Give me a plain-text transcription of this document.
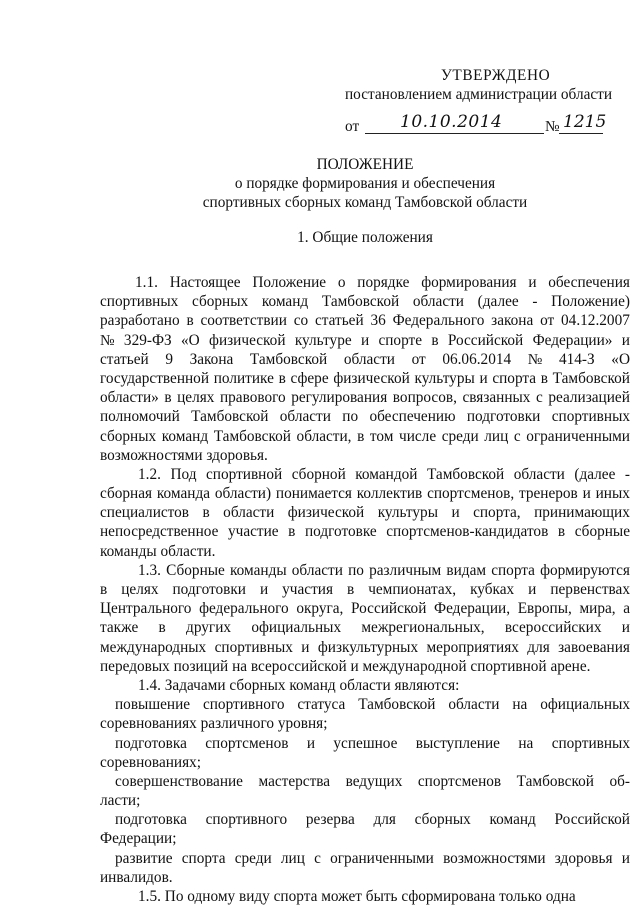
УТВЕРЖДЕНО
постановлением администрации области
от 10.10.2014	№ 1215
ПОЛОЖЕНИЕ
о порядке формирования и обеспечения
спортивных сборных команд Тамбовской области
1. Общие положения
1.1. Настоящее Положение о порядке формирования и обеспечения
спортивных сборных команд Тамбовской области (далее - Положение)
разработано в соответствии со статьей 36 Федерального закона от 04.12.2007
№ 329-ФЗ «О физической культуре и спорте в Российской Федерации» и
статьей 9 Закона Тамбовской области от 06.06.2014 № 414-З «О
государственной политике в сфере физической культуры и спорта в Тамбовской
области» в целях правового регулирования вопросов, связанных с реализацией
полномочий Тамбовской области по обеспечению подготовки спортивных
сборных команд Тамбовской области, в том числе среди лиц с ограниченными
возможностями здоровья.
1.2. Под спортивной сборной командой Тамбовской области (далее -
сборная команда области) понимается коллектив спортсменов, тренеров и иных
специалистов в области физической культуры и спорта, принимающих
непосредственное участие в подготовке спортсменов-кандидатов в сборные
команды области.
1.3. Сборные команды области по различным видам спорта формируются
в целях подготовки и участия в чемпионатах, кубках и первенствах
Центрального федерального округа, Российской Федерации, Европы, мира, а
также в других официальных межрегиональных, всероссийских и
международных спортивных и физкультурных мероприятиях для завоевания
передовых позиций на всероссийской и международной спортивной арене.
1.4. Задачами сборных команд области являются:
повышение спортивного статуса Тамбовской области на официальных
соревнованиях различного уровня;
подготовка спортсменов и успешное выступление на спортивных
соревнованиях;
совершенствование мастерства ведущих спортсменов Тамбовской об-
ласти;
подготовка спортивного резерва для сборных команд Российской
Федерации;
развитие спорта среди лиц с ограниченными возможностями здоровья и
инвалидов.
1.5. По одному виду спорта может быть сформирована только одна
